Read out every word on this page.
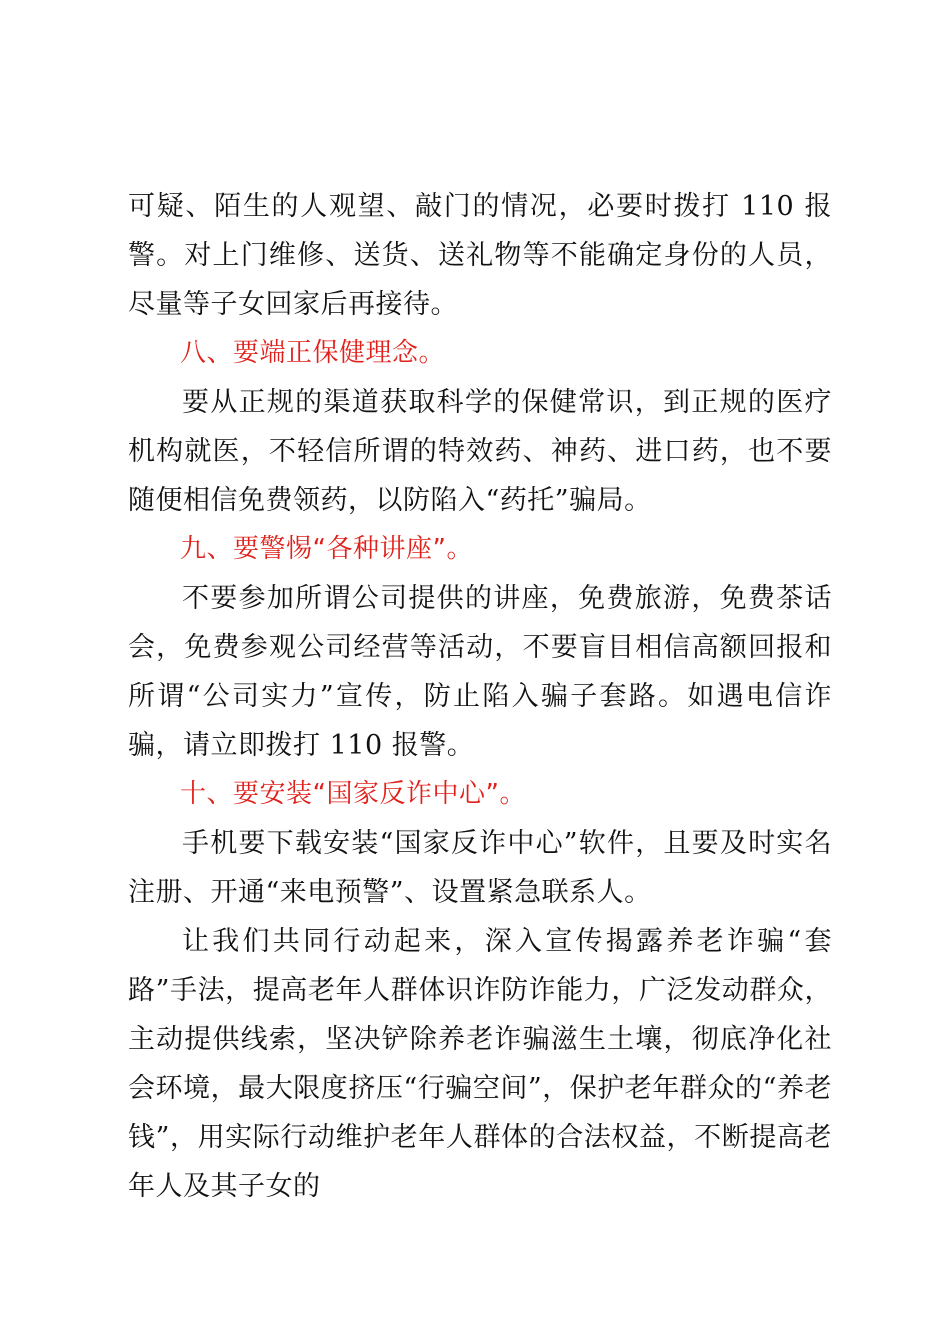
可疑、陌生的人观望、敲门的情况，必要时拨打 110 报警。对上门维修、送货、送礼物等不能确定身份的人员，尽量等子女回家后再接待。

八、要端正保健理念。

要从正规的渠道获取科学的保健常识，到正规的医疗机构就医，不轻信所谓的特效药、神药、进口药，也不要随便相信免费领药，以防陷入“药托”骗局。

九、要警惕“各种讲座”。

不要参加所谓公司提供的讲座，免费旅游，免费茶话会，免费参观公司经营等活动，不要盲目相信高额回报和所谓“公司实力”宣传，防止陷入骗子套路。如遇电信诈骗，请立即拨打 110 报警。

十、要安装“国家反诈中心”。

手机要下载安装“国家反诈中心”软件，且要及时实名注册、开通“来电预警”、设置紧急联系人。

让我们共同行动起来，深入宣传揭露养老诈骗“套路”手法，提高老年人群体识诈防诈能力，广泛发动群众，主动提供线索，坚决铲除养老诈骗滋生土壤，彻底净化社会环境，最大限度挤压“行骗空间”，保护老年群众的“养老钱”，用实际行动维护老年人群体的合法权益，不断提高老年人及其子女的
